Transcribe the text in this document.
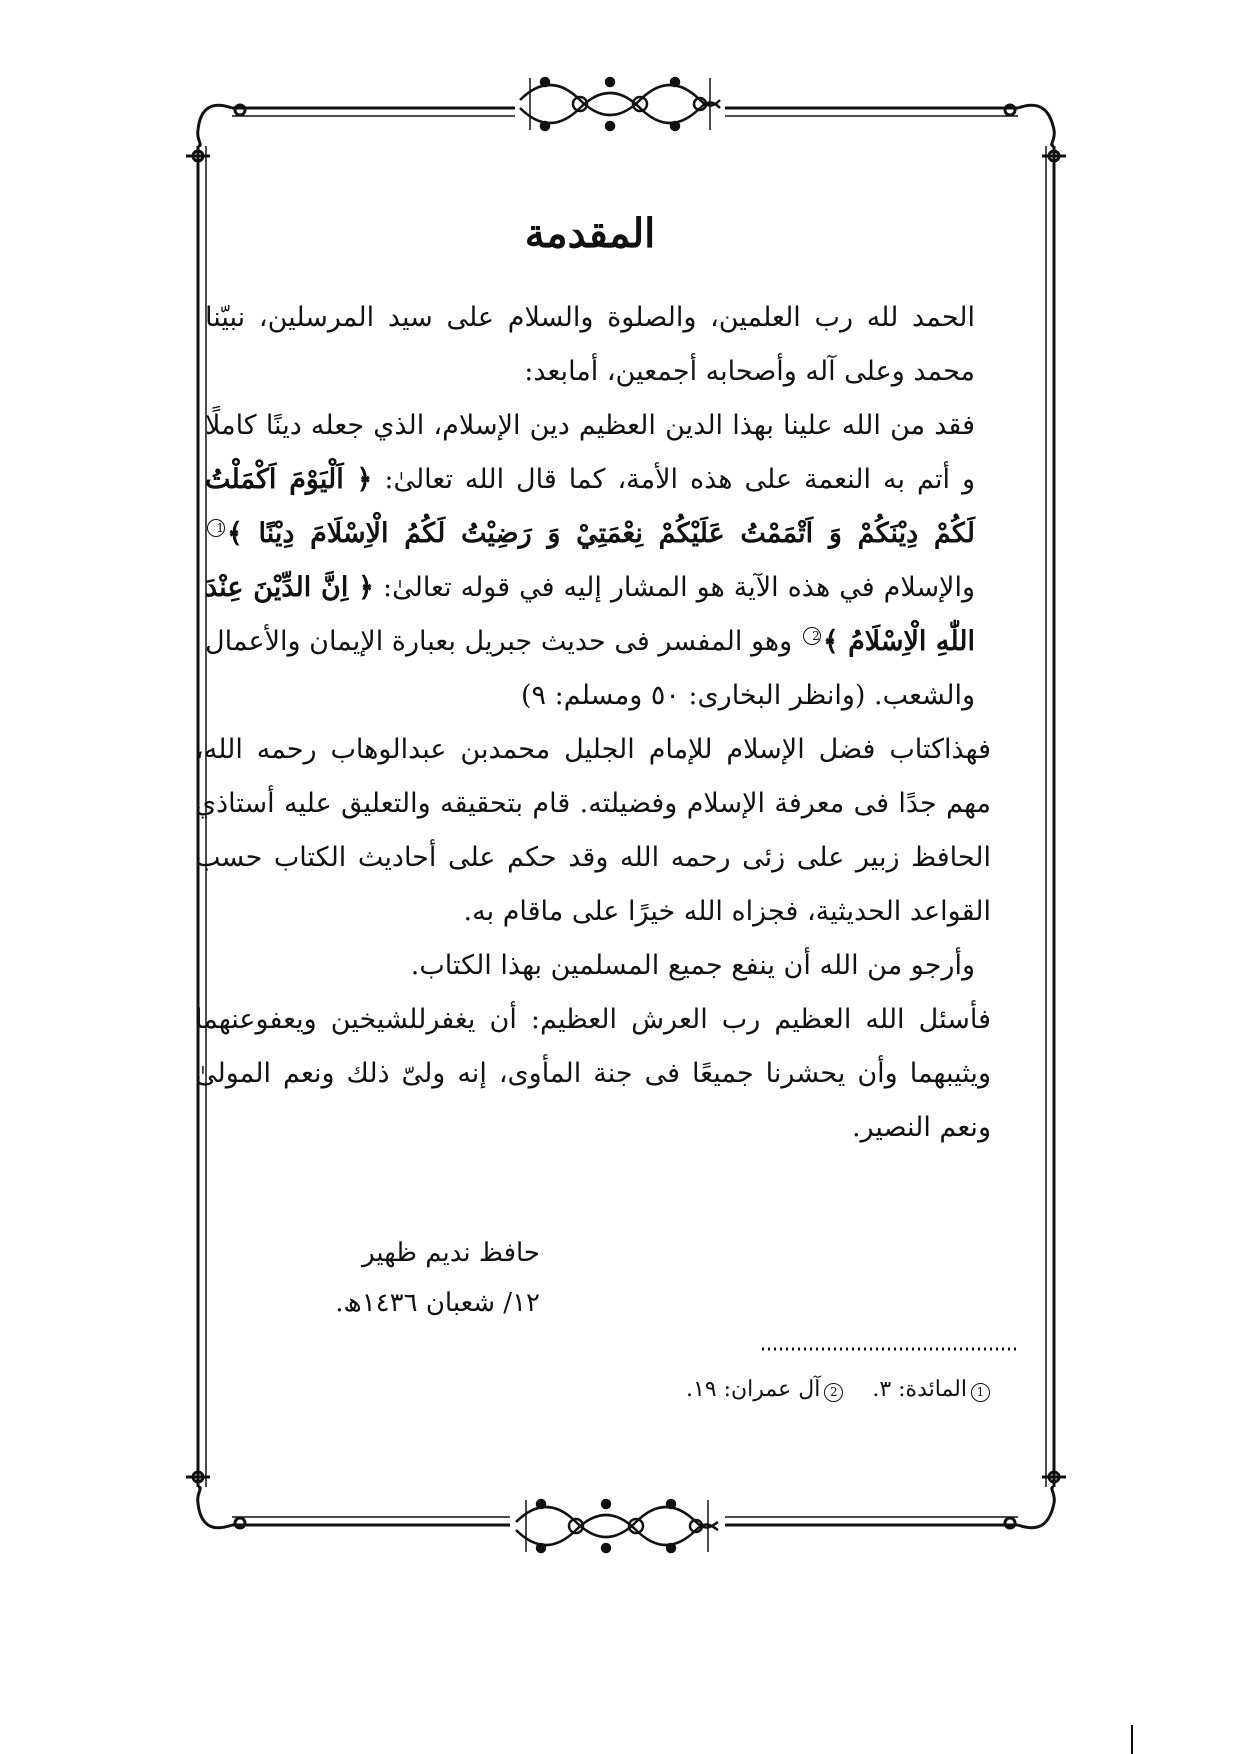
المقدمة

الحمد لله رب العلمين، والصلوة والسلام على سيد المرسلين، نبيّنا محمد وعلى آله وأصحابه أجمعين، أمابعد:

فقد من الله علينا بهذا الدين العظيم دين الإسلام، الذي جعله دينًا كاملًا و أتم به النعمة على هذه الأمة، كما قال الله تعالىٰ: ﴿ اَلْيَوْمَ اَكْمَلْتُ لَكُمْ دِيْنَكُمْ وَ اَتْمَمْتُ عَلَيْكُمْ نِعْمَتِيْ وَ رَضِيْتُ لَكُمُ الْاِسْلَامَ دِيْنًا ﴾1 والإسلام في هذه الآية هو المشار إليه في قوله تعالىٰ: ﴿ اِنَّ الدِّيْنَ عِنْدَ اللّٰهِ الْاِسْلَامُ ﴾2 وهو المفسر فى حديث جبريل بعبارة الإيمان والأعمال والشعب. (وانظر البخارى: ٥٠ ومسلم: ٩)

فهذاكتاب فضل الإسلام للإمام الجليل محمدبن عبدالوهاب رحمه الله، مهم جدًا فى معرفة الإسلام وفضيلته. قام بتحقيقه والتعليق عليه أستاذي الحافظ زبير على زئى رحمه الله وقد حكم على أحاديث الكتاب حسب القواعد الحديثية، فجزاه الله خيرًا على ماقام به.

وأرجو من الله أن ينفع جميع المسلمين بهذا الكتاب.

فأسئل الله العظيم رب العرش العظيم: أن يغفرللشيخين ويعفوعنهما ويثيبهما وأن يحشرنا جميعًا فى جنة المأوى، إنه ولىّ ذلك ونعم المولىٰ ونعم النصير.

حافظ نديم ظهير
١٢/ شعبان ١٤٣٦ھ.
1المائدة: ٣. 2آل عمران: ١٩.
